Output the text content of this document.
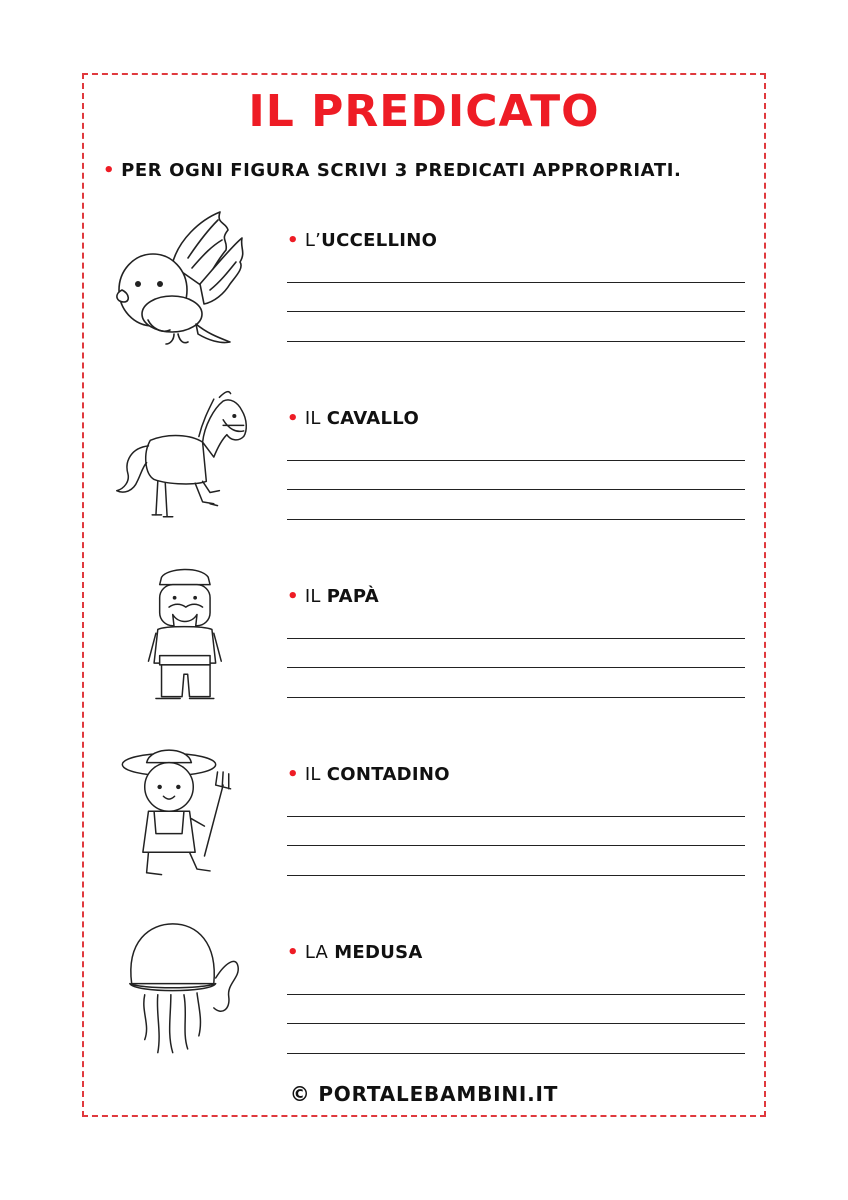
IL PREDICATO
• PER OGNI FIGURA SCRIVI 3 PREDICATI APPROPRIATI.
• L’UCCELLINO
• IL CAVALLO
• IL PAPÀ
• IL CONTADINO
• LA MEDUSA
© PORTALEBAMBINI.IT
